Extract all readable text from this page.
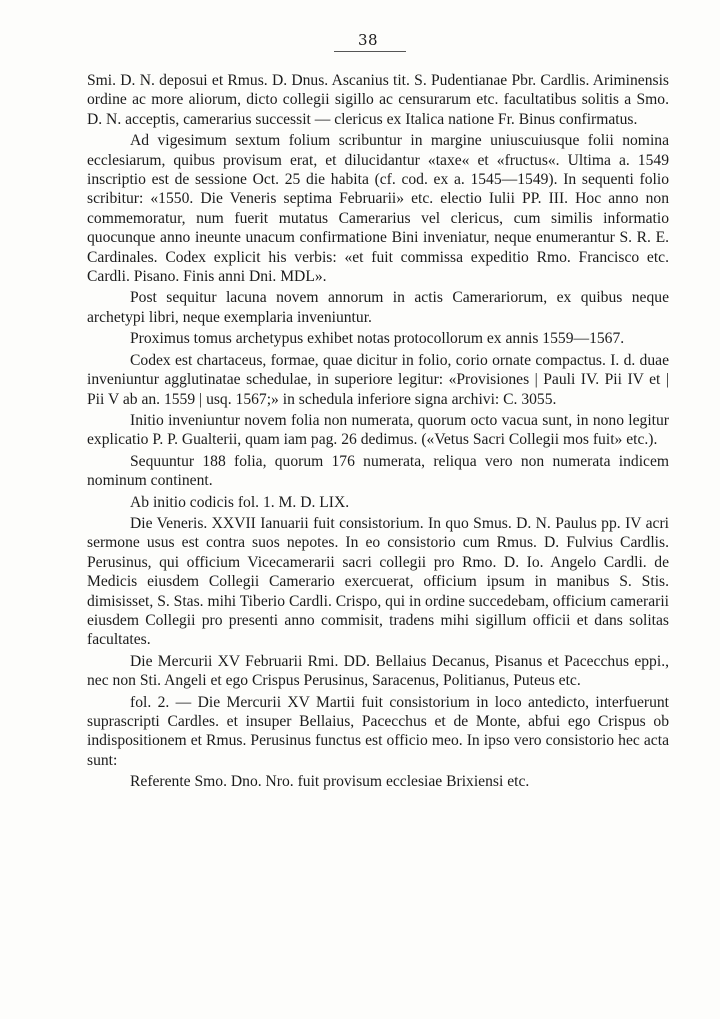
38

Smi. D. N. deposui et Rmus. D. Dnus. Ascanius tit. S. Pudentianae Pbr. Cardlis. Ariminensis ordine ac more aliorum, dicto collegii sigillo ac censurarum etc. facultatibus solitis a Smo. D. N. acceptis, camerarius successit — clericus ex Italica natione Fr. Binus confirmatus.

Ad vigesimum sextum folium scribuntur in margine uniuscuiusque folii nomina ecclesiarum, quibus provisum erat, et dilucidantur «taxe« et «fructus«. Ultima a. 1549 inscriptio est de sessione Oct. 25 die habita (cf. cod. ex a. 1545—1549). In sequenti folio scribitur: «1550. Die Veneris septima Februarii» etc. electio Iulii PP. III. Hoc anno non commemoratur, num fuerit mutatus Camerarius vel clericus, cum similis informatio quocunque anno ineunte unacum confirmatione Bini inveniatur, neque enumerantur S. R. E. Cardinales. Codex explicit his verbis: «et fuit commissa expeditio Rmo. Francisco etc. Cardli. Pisano. Finis anni Dni. MDL».

Post sequitur lacuna novem annorum in actis Camerariorum, ex quibus neque archetypi libri, neque exemplaria inveniuntur.

Proximus tomus archetypus exhibet notas protocollorum ex annis 1559—1567.

Codex est chartaceus, formae, quae dicitur in folio, corio ornate compactus. I. d. duae inveniuntur agglutinatae schedulae, in superiore legitur: «Provisiones | Pauli IV. Pii IV et | Pii V ab an. 1559 | usq. 1567;» in schedula inferiore signa archivi: C. 3055.

Initio inveniuntur novem folia non numerata, quorum octo vacua sunt, in nono legitur explicatio P. P. Gualterii, quam iam pag. 26 dedimus. («Vetus Sacri Collegii mos fuit» etc.).

Sequuntur 188 folia, quorum 176 numerata, reliqua vero non numerata indicem nominum continent.

Ab initio codicis fol. 1. M. D. LIX.

Die Veneris. XXVII Ianuarii fuit consistorium. In quo Smus. D. N. Paulus pp. IV acri sermone usus est contra suos nepotes. In eo consistorio cum Rmus. D. Fulvius Cardlis. Perusinus, qui officium Vicecamerarii sacri collegii pro Rmo. D. Io. Angelo Cardli. de Medicis eiusdem Collegii Camerario exercuerat, officium ipsum in manibus S. Stis. dimisisset, S. Stas. mihi Tiberio Cardli. Crispo, qui in ordine succedebam, officium camerarii eiusdem Collegii pro presenti anno commisit, tradens mihi sigillum officii et dans solitas facultates.

Die Mercurii XV Februarii Rmi. DD. Bellaius Decanus, Pisanus et Pacecchus eppi., nec non Sti. Angeli et ego Crispus Perusinus, Saracenus, Politianus, Puteus etc.

fol. 2. — Die Mercurii XV Martii fuit consistorium in loco antedicto, interfuerunt suprascripti Cardles. et insuper Bellaius, Pacecchus et de Monte, abfui ego Crispus ob indispositionem et Rmus. Perusinus functus est officio meo. In ipso vero consistorio hec acta sunt:

Referente Smo. Dno. Nro. fuit provisum ecclesiae Brixiensi etc.
